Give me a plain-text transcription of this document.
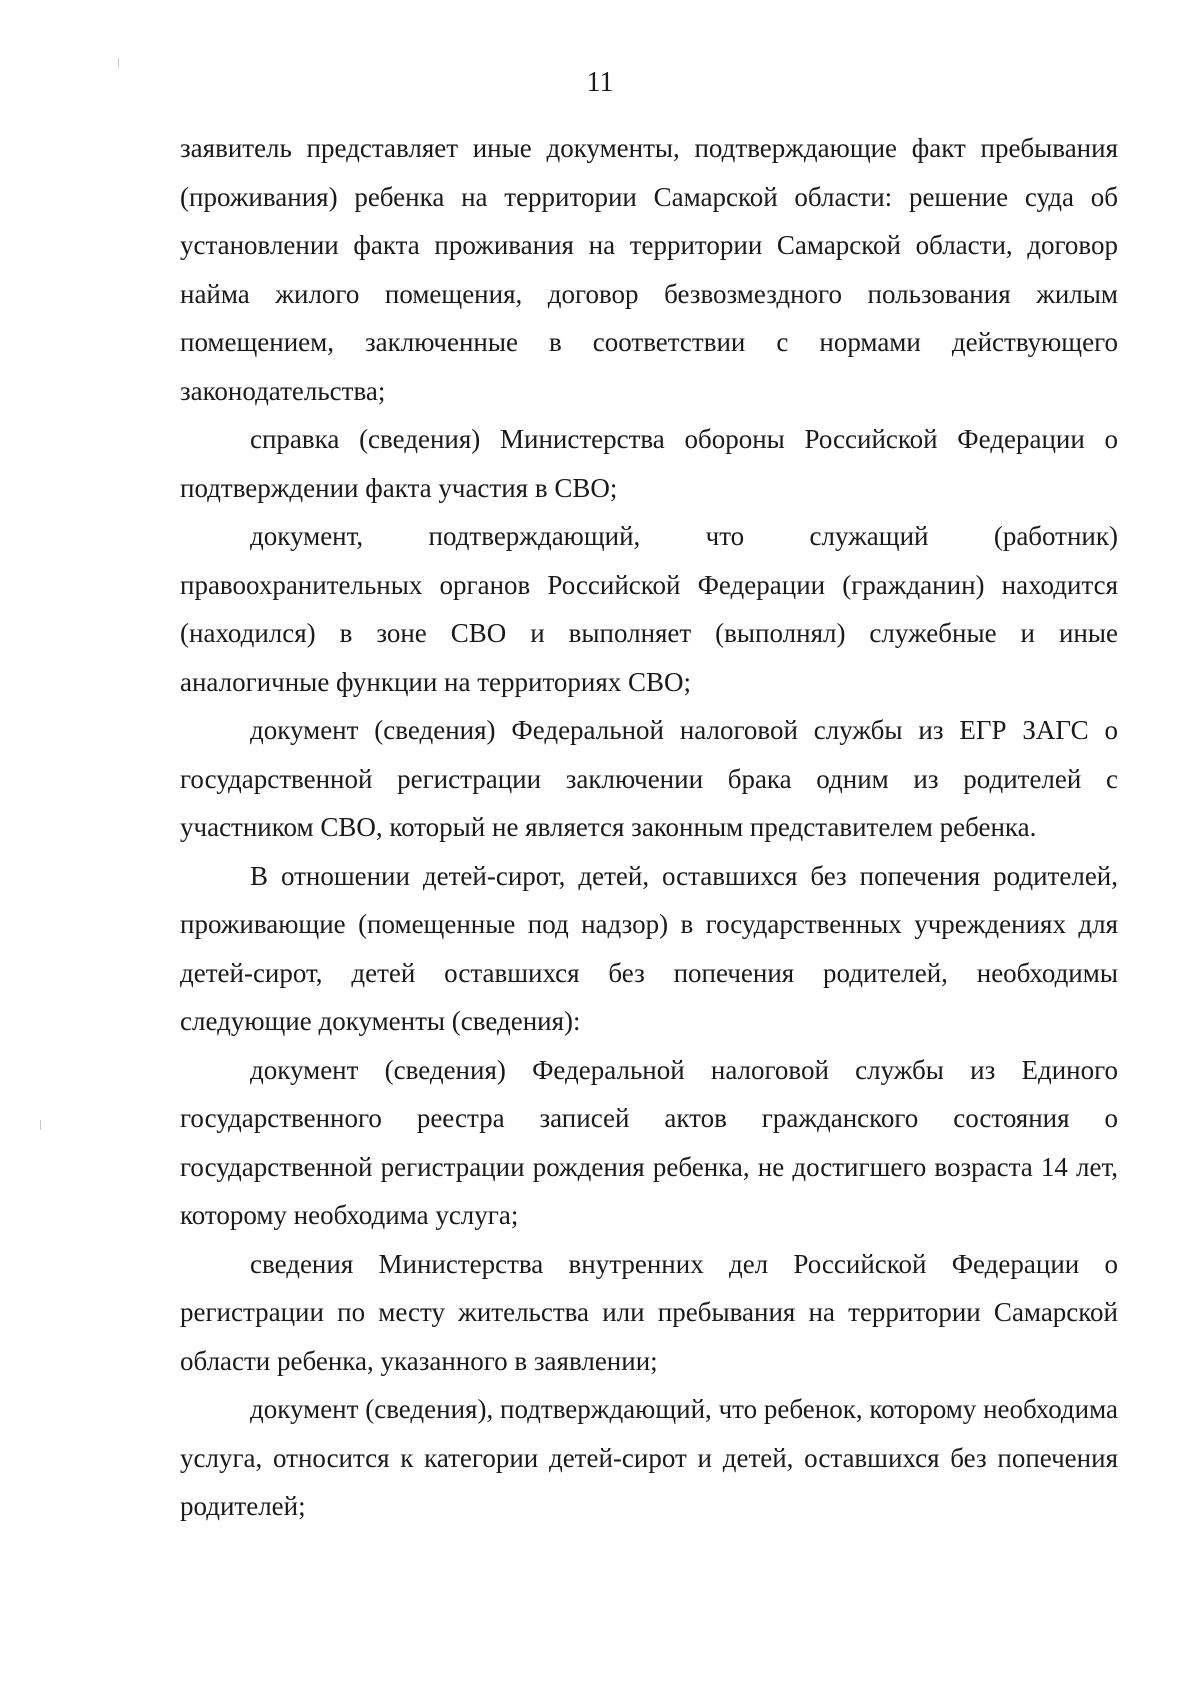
11

заявитель представляет иные документы, подтверждающие факт пребывания (проживания) ребенка на территории Самарской области: решение суда об установлении факта проживания на территории Самарской области, договор найма жилого помещения, договор безвозмездного пользования жилым помещением, заключенные в соответствии с нормами действующего законодательства;

справка (сведения) Министерства обороны Российской Федерации о подтверждении факта участия в СВО;

документ, подтверждающий, что служащий (работник) правоохранительных органов Российской Федерации (гражданин) находится (находился) в зоне СВО и выполняет (выполнял) служебные и иные аналогичные функции на территориях СВО;

документ (сведения) Федеральной налоговой службы из ЕГР ЗАГС о государственной регистрации заключении брака одним из родителей с участником СВО, который не является законным представителем ребенка.

В отношении детей-сирот, детей, оставшихся без попечения родителей, проживающие (помещенные под надзор) в государственных учреждениях для детей-сирот, детей оставшихся без попечения родителей, необходимы следующие документы (сведения):

документ (сведения) Федеральной налоговой службы из Единого государственного реестра записей актов гражданского состояния о государственной регистрации рождения ребенка, не достигшего возраста 14 лет, которому необходима услуга;

сведения Министерства внутренних дел Российской Федерации о регистрации по месту жительства или пребывания на территории Самарской области ребенка, указанного в заявлении;

документ (сведения), подтверждающий, что ребенок, которому необходима услуга, относится к категории детей-сирот и детей, оставшихся без попечения родителей;
